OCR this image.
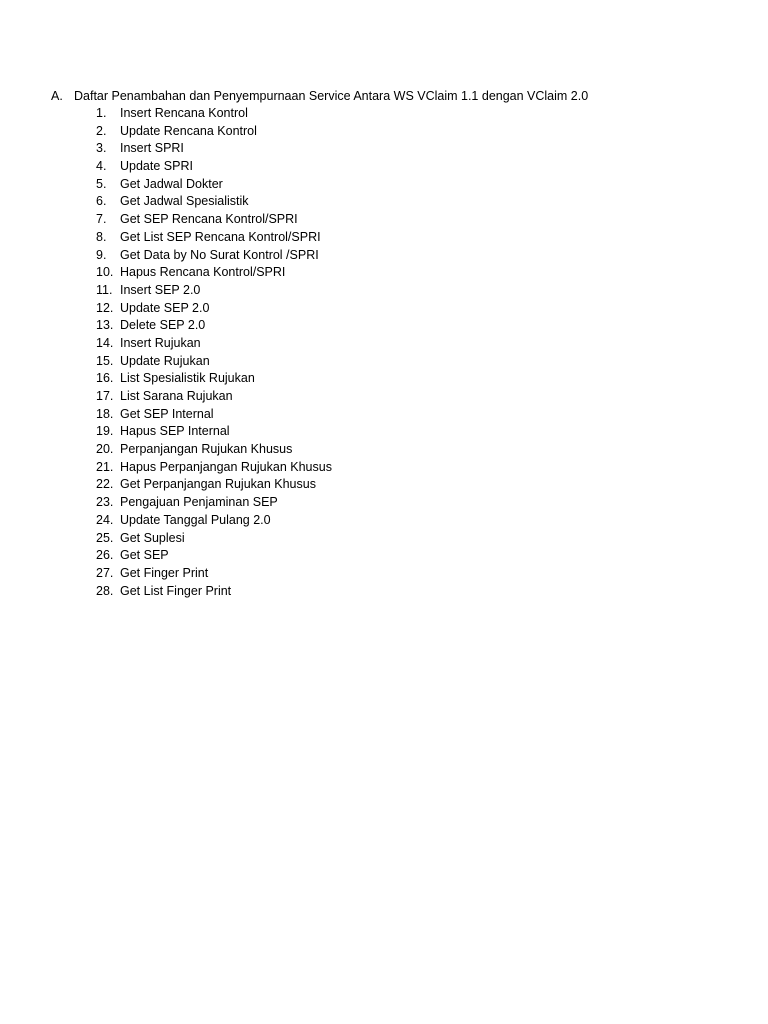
A. Daftar Penambahan dan Penyempurnaan Service Antara WS VClaim 1.1 dengan VClaim 2.0
1. Insert Rencana Kontrol
2. Update Rencana Kontrol
3. Insert SPRI
4. Update SPRI
5. Get Jadwal Dokter
6. Get Jadwal Spesialistik
7. Get SEP Rencana Kontrol/SPRI
8. Get List SEP Rencana Kontrol/SPRI
9. Get Data by No Surat Kontrol /SPRI
10. Hapus Rencana Kontrol/SPRI
11. Insert SEP 2.0
12. Update SEP 2.0
13. Delete SEP 2.0
14. Insert Rujukan
15. Update Rujukan
16. List Spesialistik Rujukan
17. List Sarana Rujukan
18. Get SEP Internal
19. Hapus SEP Internal
20. Perpanjangan Rujukan Khusus
21. Hapus Perpanjangan Rujukan Khusus
22. Get Perpanjangan Rujukan Khusus
23. Pengajuan Penjaminan SEP
24. Update Tanggal Pulang 2.0
25. Get Suplesi
26. Get SEP
27. Get Finger Print
28. Get List Finger Print
